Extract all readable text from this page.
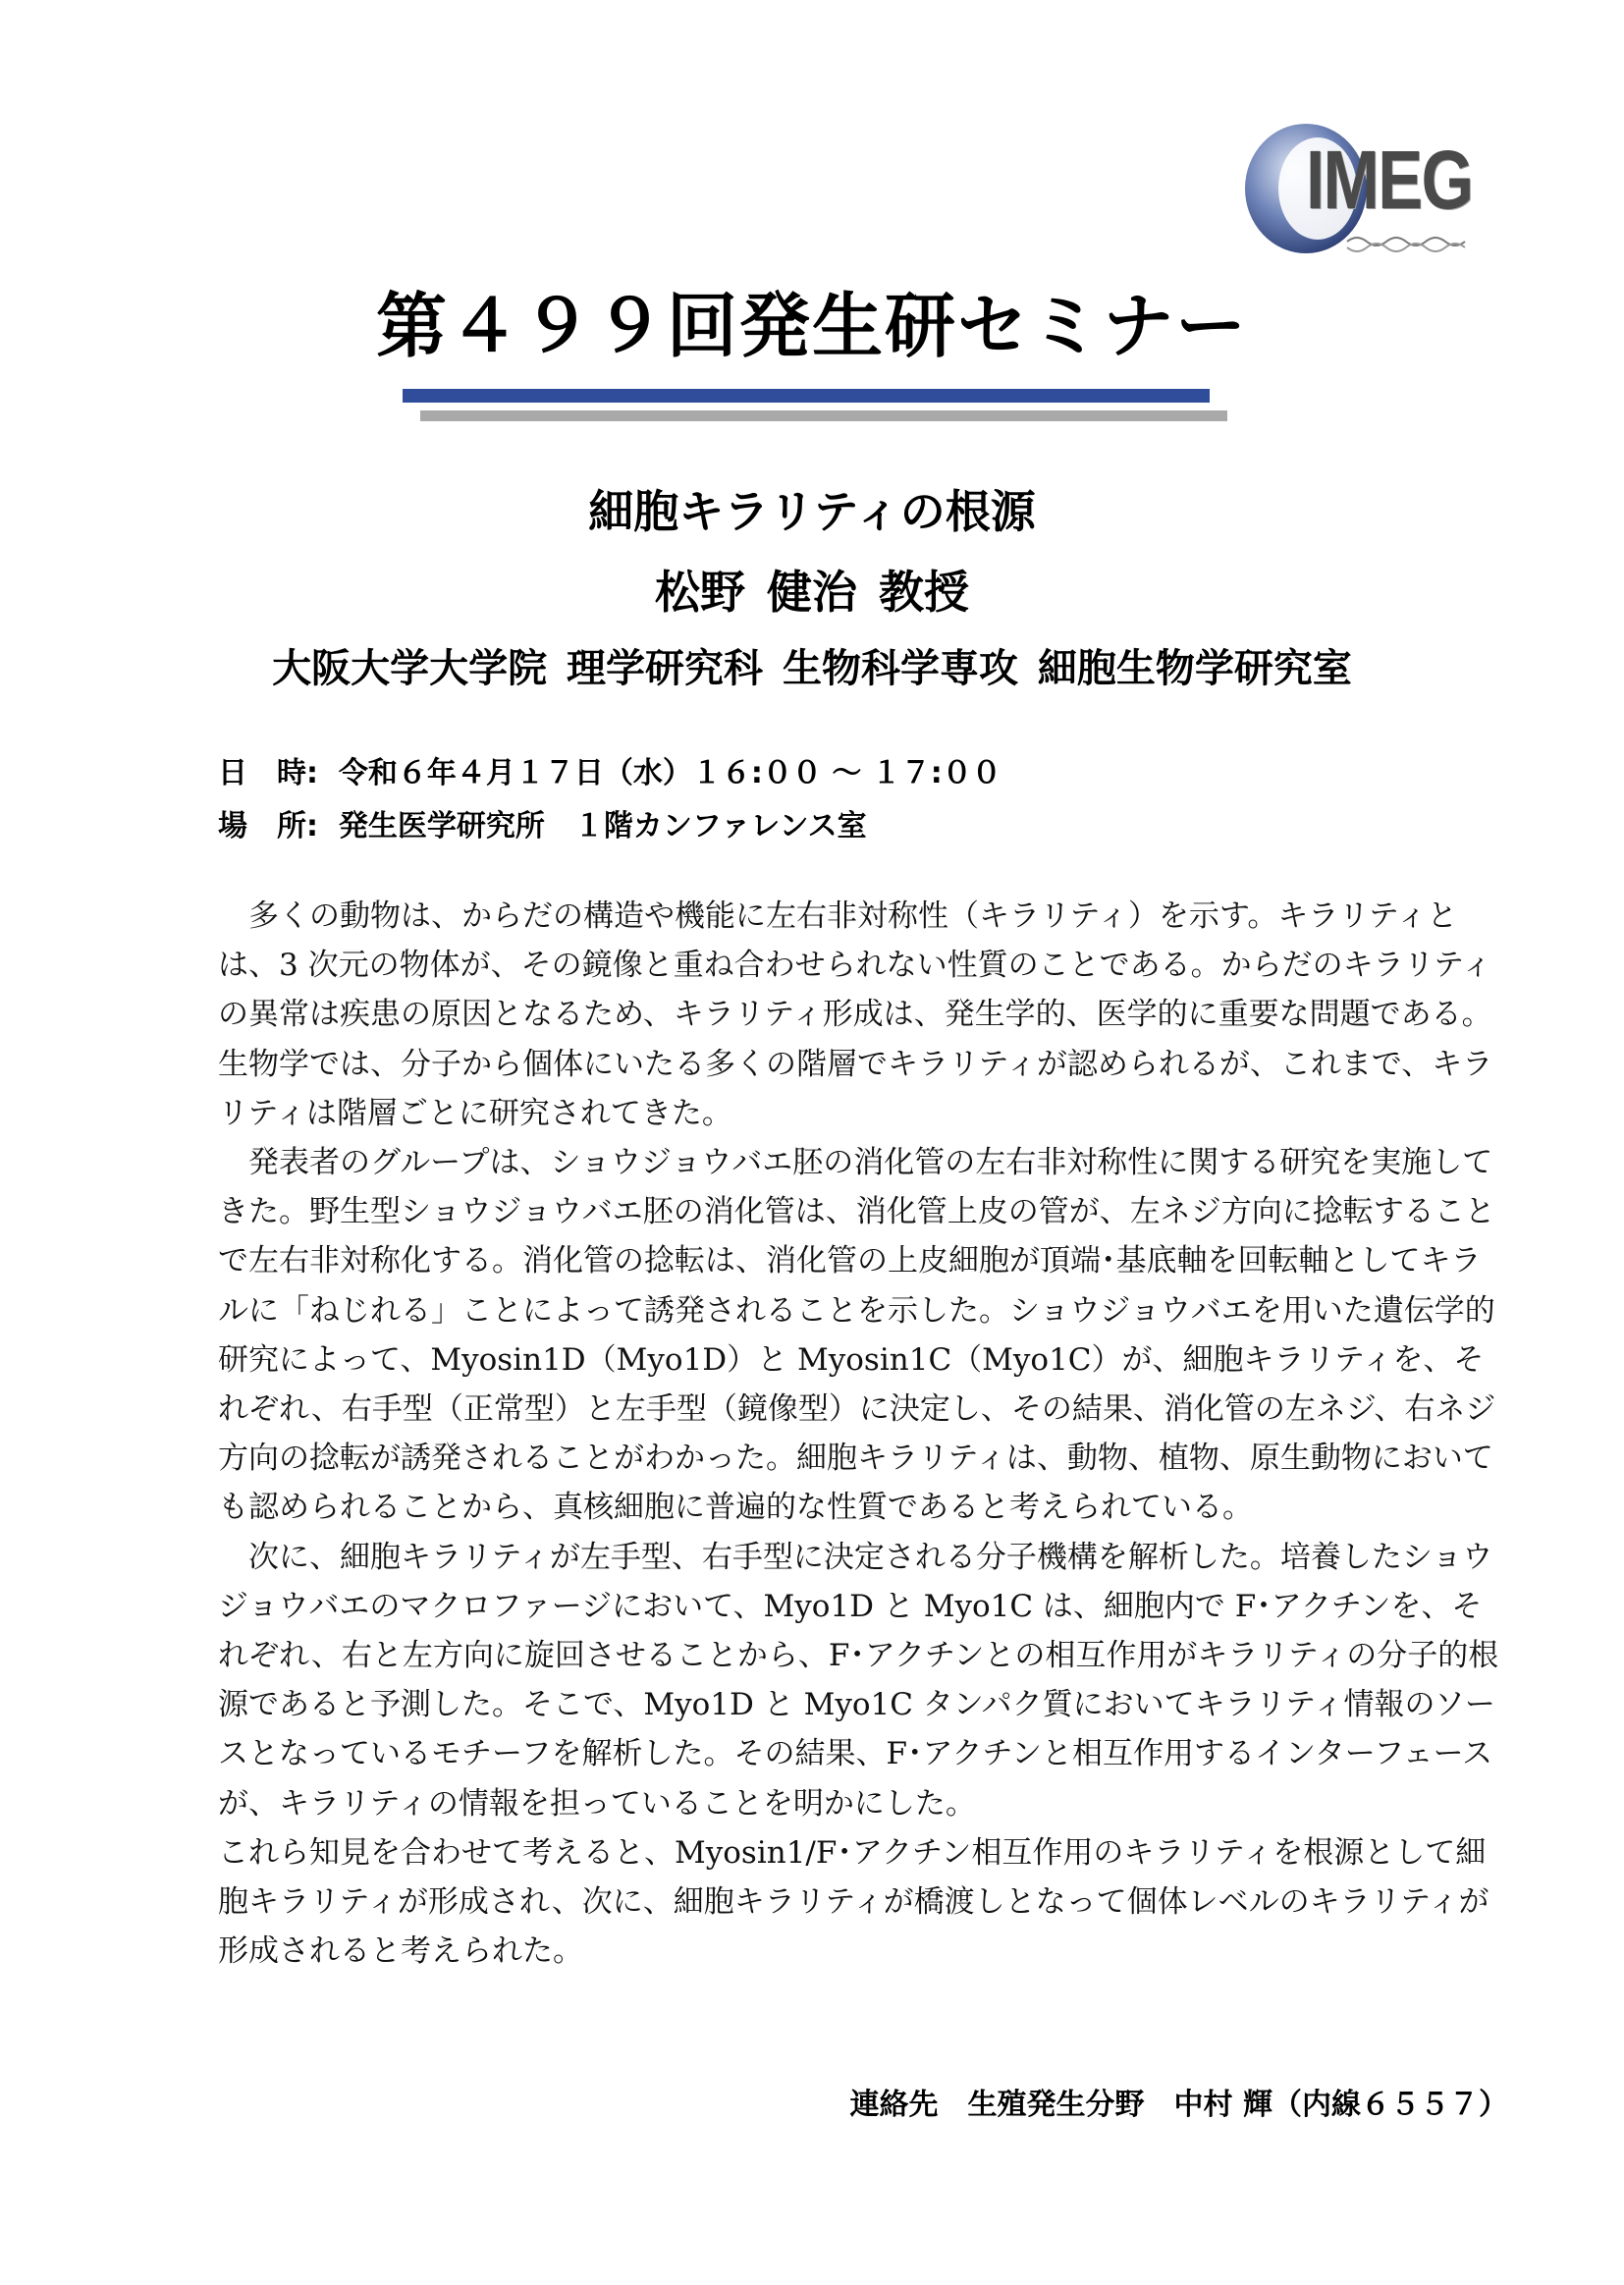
IMEG
第４９９回発生研セミナー
細胞キラリティの根源
松野 健治 教授
大阪大学大学院 理学研究科 生物科学専攻 細胞生物学研究室
日　時:  令和６年４月１７日（水）１６:００ ～ １７:００
場　所:  発生医学研究所　１階カンファレンス室

　多くの動物は、からだの構造や機能に左右非対称性（キラリティ）を示す。キラリティとは、3 次元の物体が、その鏡像と重ね合わせられない性質のことである。からだのキラリティの異常は疾患の原因となるため、キラリティ形成は、発生学的、医学的に重要な問題である。生物学では、分子から個体にいたる多くの階層でキラリティが認められるが、これまで、キラリティは階層ごとに研究されてきた。

　発表者のグループは、ショウジョウバエ胚の消化管の左右非対称性に関する研究を実施してきた。野生型ショウジョウバエ胚の消化管は、消化管上皮の管が、左ネジ方向に捻転することで左右非対称化する。消化管の捻転は、消化管の上皮細胞が頂端･基底軸を回転軸としてキラルに「ねじれる」ことによって誘発されることを示した。ショウジョウバエを用いた遺伝学的研究によって、Myosin1D（Myo1D）と Myosin1C（Myo1C）が、細胞キラリティを、それぞれ、右手型（正常型）と左手型（鏡像型）に決定し、その結果、消化管の左ネジ、右ネジ方向の捻転が誘発されることがわかった。細胞キラリティは、動物、植物、原生動物においても認められることから、真核細胞に普遍的な性質であると考えられている。

　次に、細胞キラリティが左手型、右手型に決定される分子機構を解析した。培養したショウジョウバエのマクロファージにおいて、Myo1D と Myo1C は、細胞内で F･アクチンを、それぞれ、右と左方向に旋回させることから、F･アクチンとの相互作用がキラリティの分子的根源であると予測した。そこで、Myo1D と Myo1C タンパク質においてキラリティ情報のソースとなっているモチーフを解析した。その結果、F･アクチンと相互作用するインターフェースが、キラリティの情報を担っていることを明かにした。

これら知見を合わせて考えると、Myosin1/F･アクチン相互作用のキラリティを根源として細胞キラリティが形成され、次に、細胞キラリティが橋渡しとなって個体レベルのキラリティが形成されると考えられた。

連絡先　生殖発生分野　中村 輝（内線６５５７）
